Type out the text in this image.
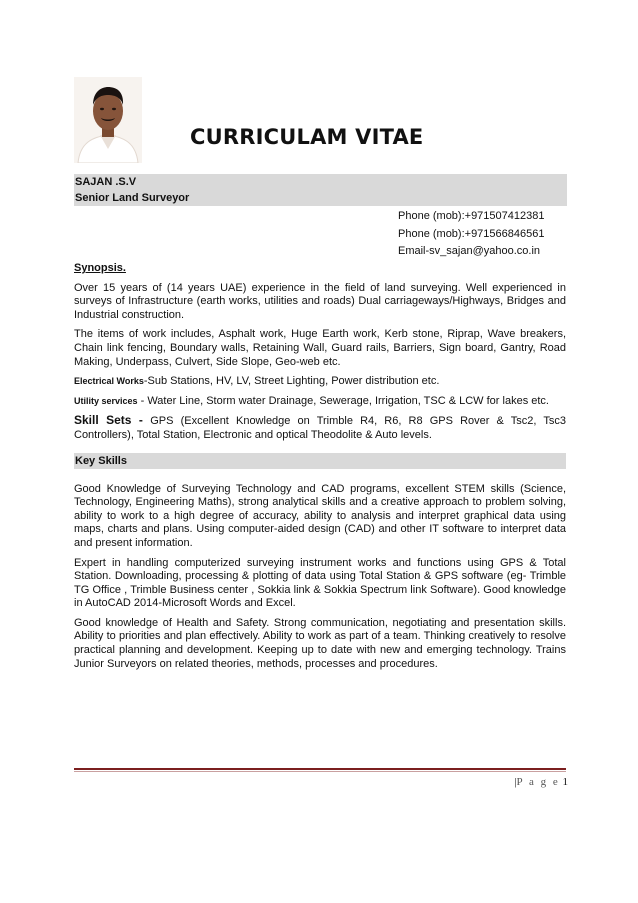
CURRICULAM VITAE
SAJAN .S.V
Senior Land Surveyor
Phone (mob):+971507412381
Phone (mob):+971566846561
Email-sv_sajan@yahoo.co.in
Synopsis.

Over 15 years of (14 years UAE) experience in the field of land surveying. Well experienced in surveys of Infrastructure (earth works, utilities and roads) Dual carriageways/Highways, Bridges and Industrial construction.

The items of work includes, Asphalt work, Huge Earth work, Kerb stone, Riprap, Wave breakers, Chain link fencing, Boundary walls, Retaining Wall, Guard rails, Barriers, Sign board, Gantry, Road Making, Underpass, Culvert, Side Slope, Geo-web etc.

Electrical Works-Sub Stations, HV, LV, Street Lighting, Power distribution etc.

Utility services - Water Line, Storm water Drainage, Sewerage, Irrigation, TSC & LCW for lakes etc.

Skill Sets - GPS (Excellent Knowledge on Trimble R4, R6, R8 GPS Rover & Tsc2, Tsc3 Controllers), Total Station, Electronic and optical Theodolite & Auto levels.

Key Skills

Good Knowledge of Surveying Technology and CAD programs, excellent STEM skills (Science, Technology, Engineering Maths), strong analytical skills and a creative approach to problem solving, ability to work to a high degree of accuracy, ability to analysis and interpret graphical data using maps, charts and plans. Using computer-aided design (CAD) and other IT software to interpret data and present information.

Expert in handling computerized surveying instrument works and functions using GPS & Total Station. Downloading, processing & plotting of data using Total Station & GPS software (eg- Trimble TG Office , Trimble Business center , Sokkia link & Sokkia Spectrum link Software). Good knowledge in AutoCAD 2014-Microsoft Words and Excel.

Good knowledge of Health and Safety. Strong communication, negotiating and presentation skills. Ability to priorities and plan effectively. Ability to work as part of a team. Thinking creatively to resolve practical planning and development. Keeping up to date with new and emerging technology. Trains Junior Surveyors on related theories, methods, processes and procedures.

|P a g e 1
